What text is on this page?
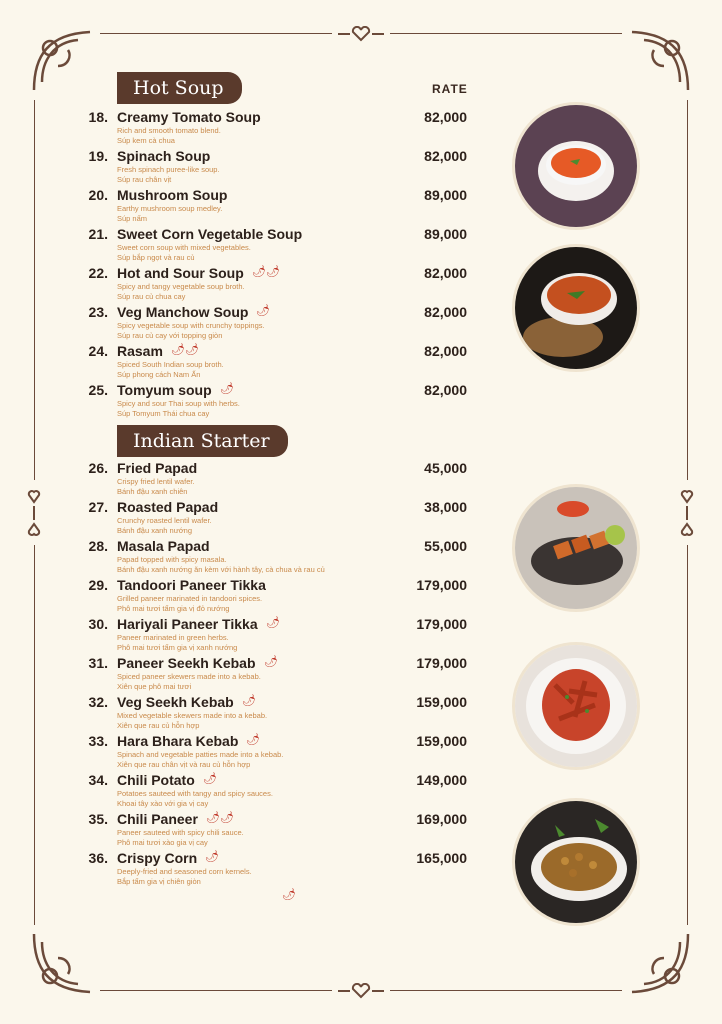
Hot Soup	RATE
Indian Starter
18. Creamy Tomato Soup
Rich and smooth tomato blend.
Súp kem cà chua
82,000
19. Spinach Soup
Fresh spinach puree-like soup.
Súp rau chân vịt
82,000
20. Mushroom Soup
Earthy mushroom soup medley.
Súp nấm
89,000
21. Sweet Corn Vegetable Soup
Sweet corn soup with mixed vegetables.
Súp bắp ngọt và rau củ
89,000
22. Hot and Sour Soup
Spicy and tangy vegetable soup broth.
Súp rau củ chua cay
82,000
🌶🌶
23. Veg Manchow Soup
Spicy vegetable soup with crunchy toppings.
Súp rau củ cay với topping giòn
82,000
🌶
24. Rasam
Spiced South Indian soup broth.
Súp phong cách Nam Ấn
82,000
🌶🌶
25. Tomyum soup
Spicy and sour Thai soup with herbs.
Súp Tomyum Thái chua cay
82,000
🌶
26. Fried Papad
Crispy fried lentil wafer.
Bánh đậu xanh chiên
45,000
27. Roasted Papad
Crunchy roasted lentil wafer.
Bánh đậu xanh nướng
38,000
28. Masala Papad
Papad topped with spicy masala.
Bánh đậu xanh nướng ăn kèm với hành tây, cà chua và rau củ
55,000
29. Tandoori Paneer Tikka
Grilled paneer marinated in tandoori spices.
Phô mai tươi tẩm gia vị đỏ nướng
179,000
30. Hariyali Paneer Tikka
Paneer marinated in green herbs.
Phô mai tươi tẩm gia vị xanh nướng
179,000
🌶
31. Paneer Seekh Kebab
Spiced paneer skewers made into a kebab.
Xiên que phô mai tươi
179,000
🌶
32. Veg Seekh Kebab
Mixed vegetable skewers made into a kebab.
Xiên que rau củ hỗn hợp
159,000
🌶
33. Hara Bhara Kebab
Spinach and vegetable patties made into a kebab.
Xiên que rau chân vịt và rau củ hỗn hợp
159,000
🌶
34. Chili Potato
Potatoes sauteed with tangy and spicy sauces.
Khoai tây xào với gia vị cay
149,000
🌶
35. Chili Paneer
Paneer sauteed with spicy chili sauce.
Phô mai tươi xào gia vị cay
169,000
🌶🌶
36. Crispy Corn
Deeply-fried and seasoned corn kernels.
Bắp tẩm gia vị chiên giòn
165,000
🌶
🌶
